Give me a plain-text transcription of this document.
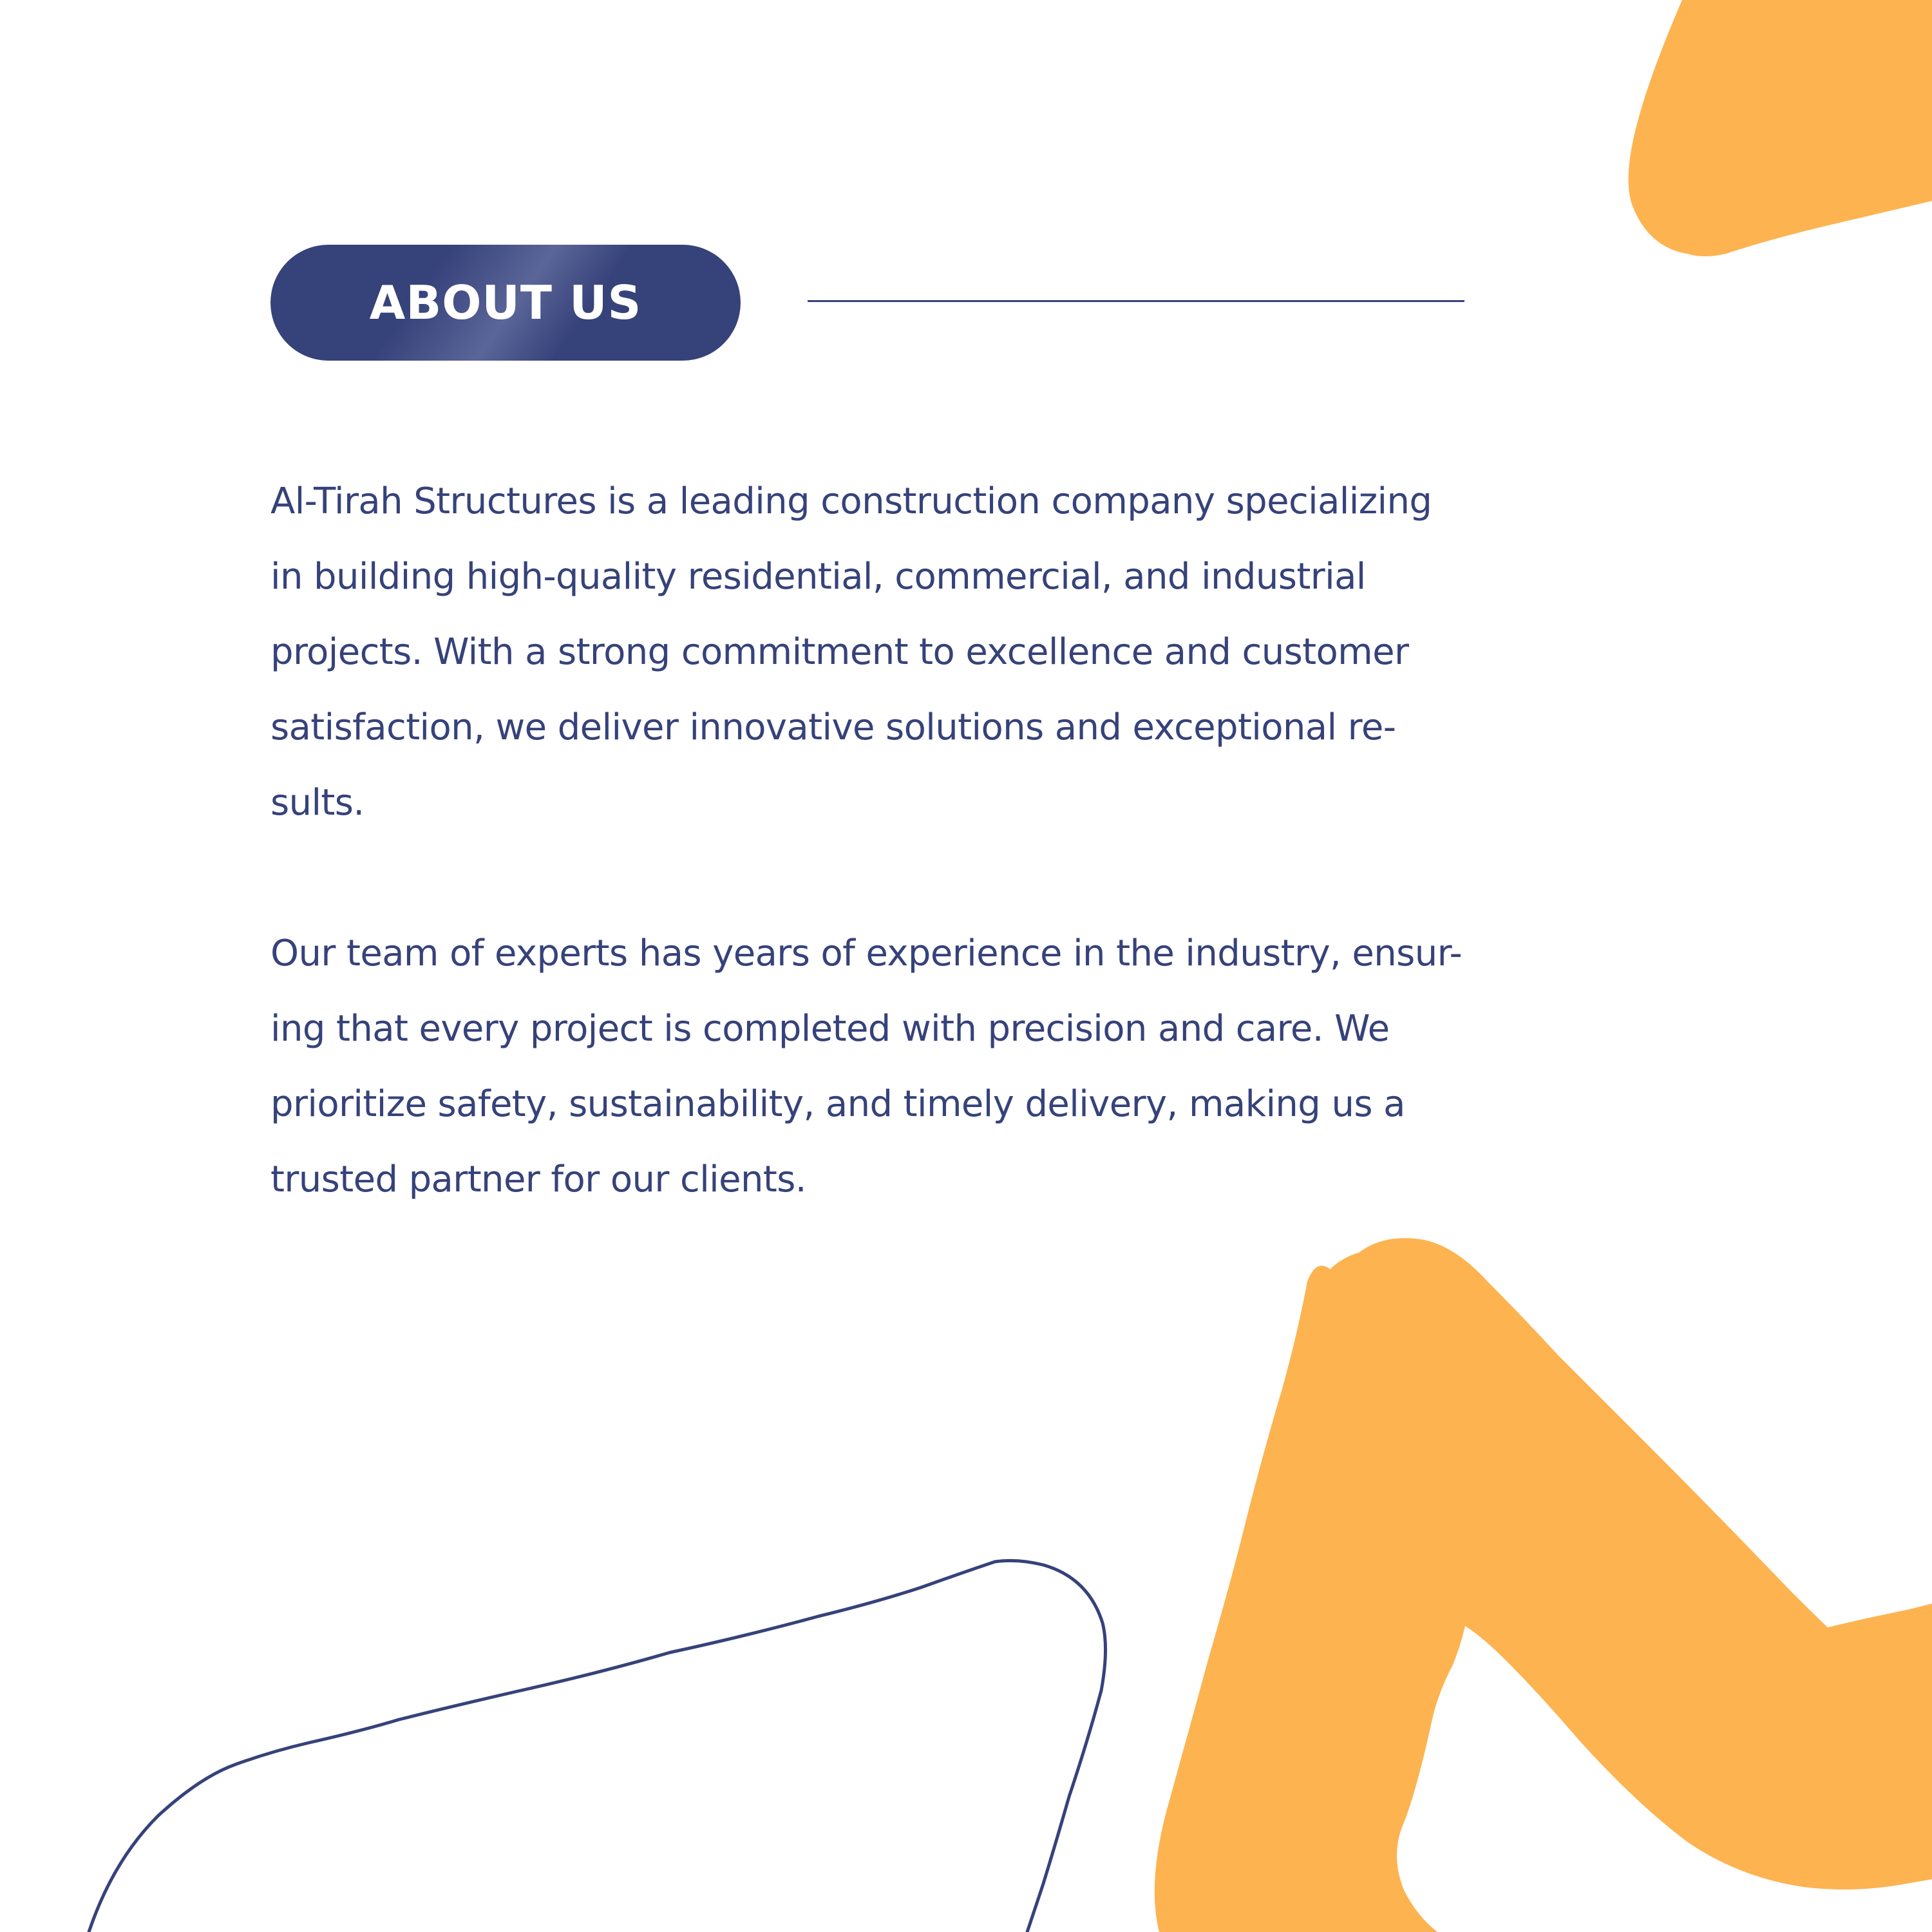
ABOUT US

Al-Tirah Structures is a leading construction company specializing
in building high-quality residential, commercial, and industrial
projects. With a strong commitment to excellence and customer
satisfaction, we deliver innovative solutions and exceptional re-
sults.

Our team of experts has years of experience in the industry, ensur-
ing that every project is completed with precision and care. We
prioritize safety, sustainability, and timely delivery, making us a
trusted partner for our clients.
